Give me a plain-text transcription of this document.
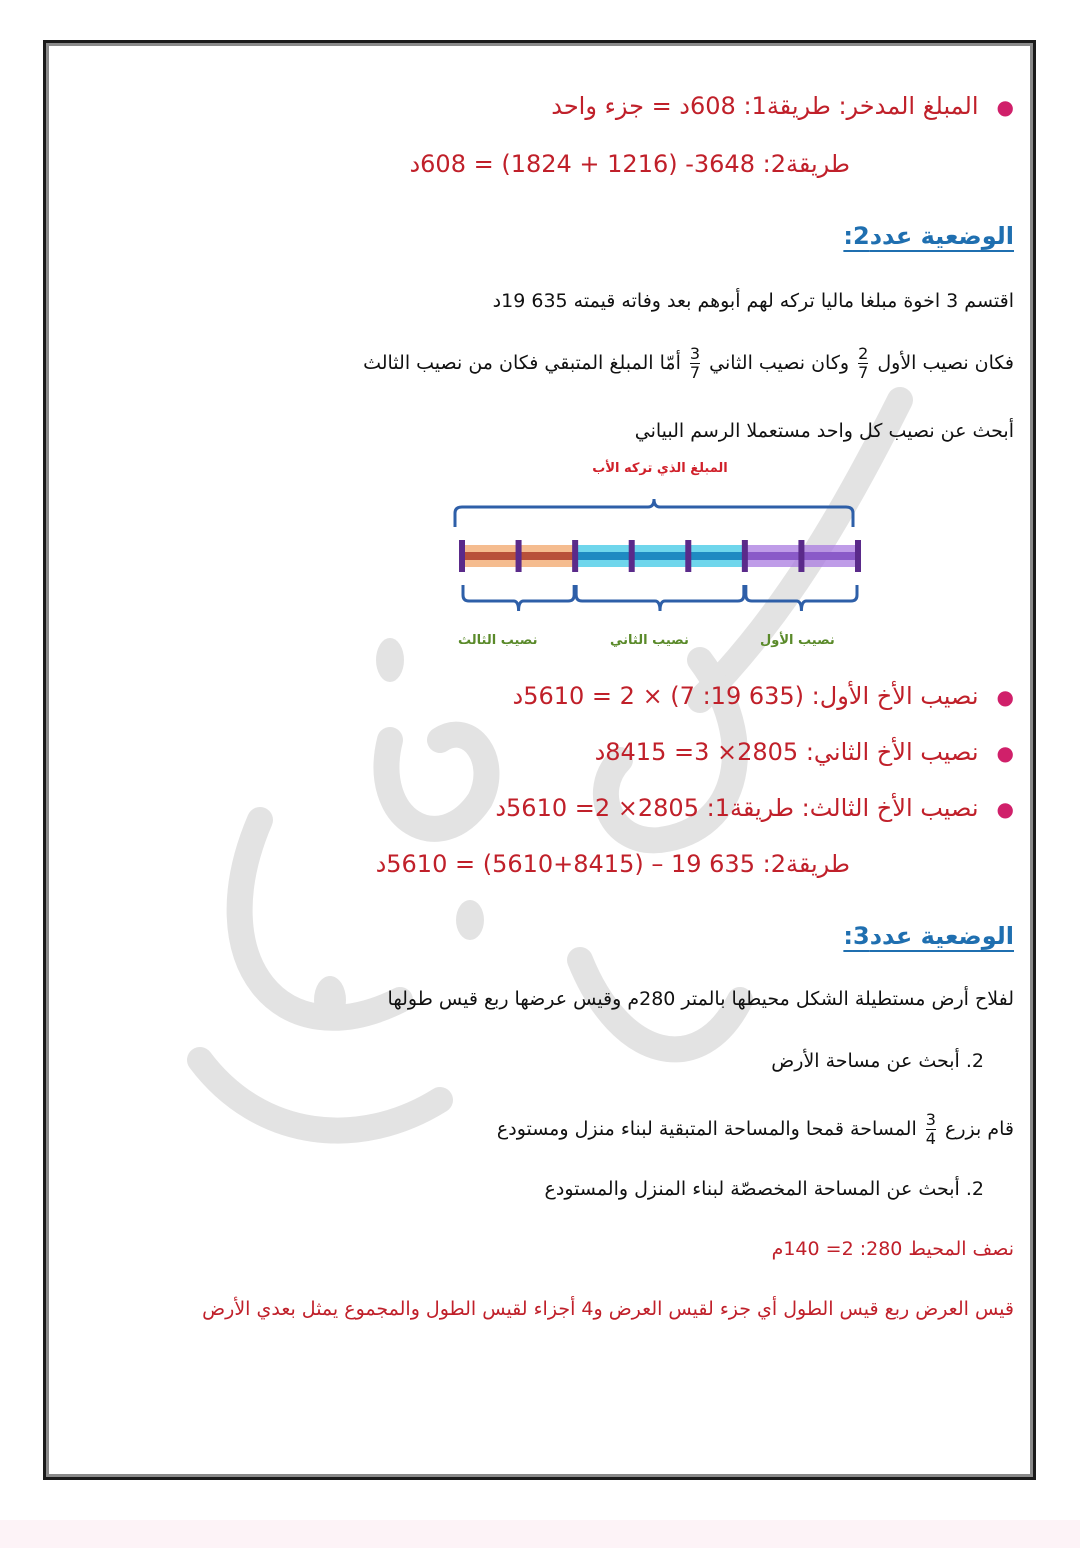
●المبلغ المدخر: طريقة1: 608د = جزء واحد
طريقة2: 3648- (1216 + 1824) = 608د
الوضعية عدد2:
اقتسم 3 اخوة مبلغا ماليا تركه لهم أبوهم بعد وفاته قيمته 635 19د
فكان نصيب الأول
$\frac{2}{7}$
وكان نصيب الثاني
$\frac{3}{7}$
أمّا المبلغ المتبقي فكان من نصيب الثالث
أبحث عن نصيب كل واحد مستعملا الرسم البياني
المبلغ الذي تركه الأب
نصيب الثالث	نصيب الثاني	نصيب الأول
●نصيب الأخ الأول: (635 19: 7) × 2 = 5610د
●نصيب الأخ الثاني: 2805× 3= 8415د
●نصيب الأخ الثالث: طريقة1: 2805× 2= 5610د
طريقة2: 635 19 – (8415+5610) = 5610د
الوضعية عدد3:
لفلاح أرض مستطيلة الشكل محيطها بالمتر 280م وقيس عرضها ربع قيس طولها
2. أبحث عن مساحة الأرض
قام بزرع
$\frac{3}{4}$
المساحة قمحا والمساحة المتبقية لبناء منزل ومستودع
2. أبحث عن المساحة المخصصّة لبناء المنزل والمستودع
نصف المحيط 280: 2= 140م
قيس العرض ربع قيس الطول أي جزء لقيس العرض و4 أجزاء لقيس الطول والمجموع يمثل بعدي الأرض
